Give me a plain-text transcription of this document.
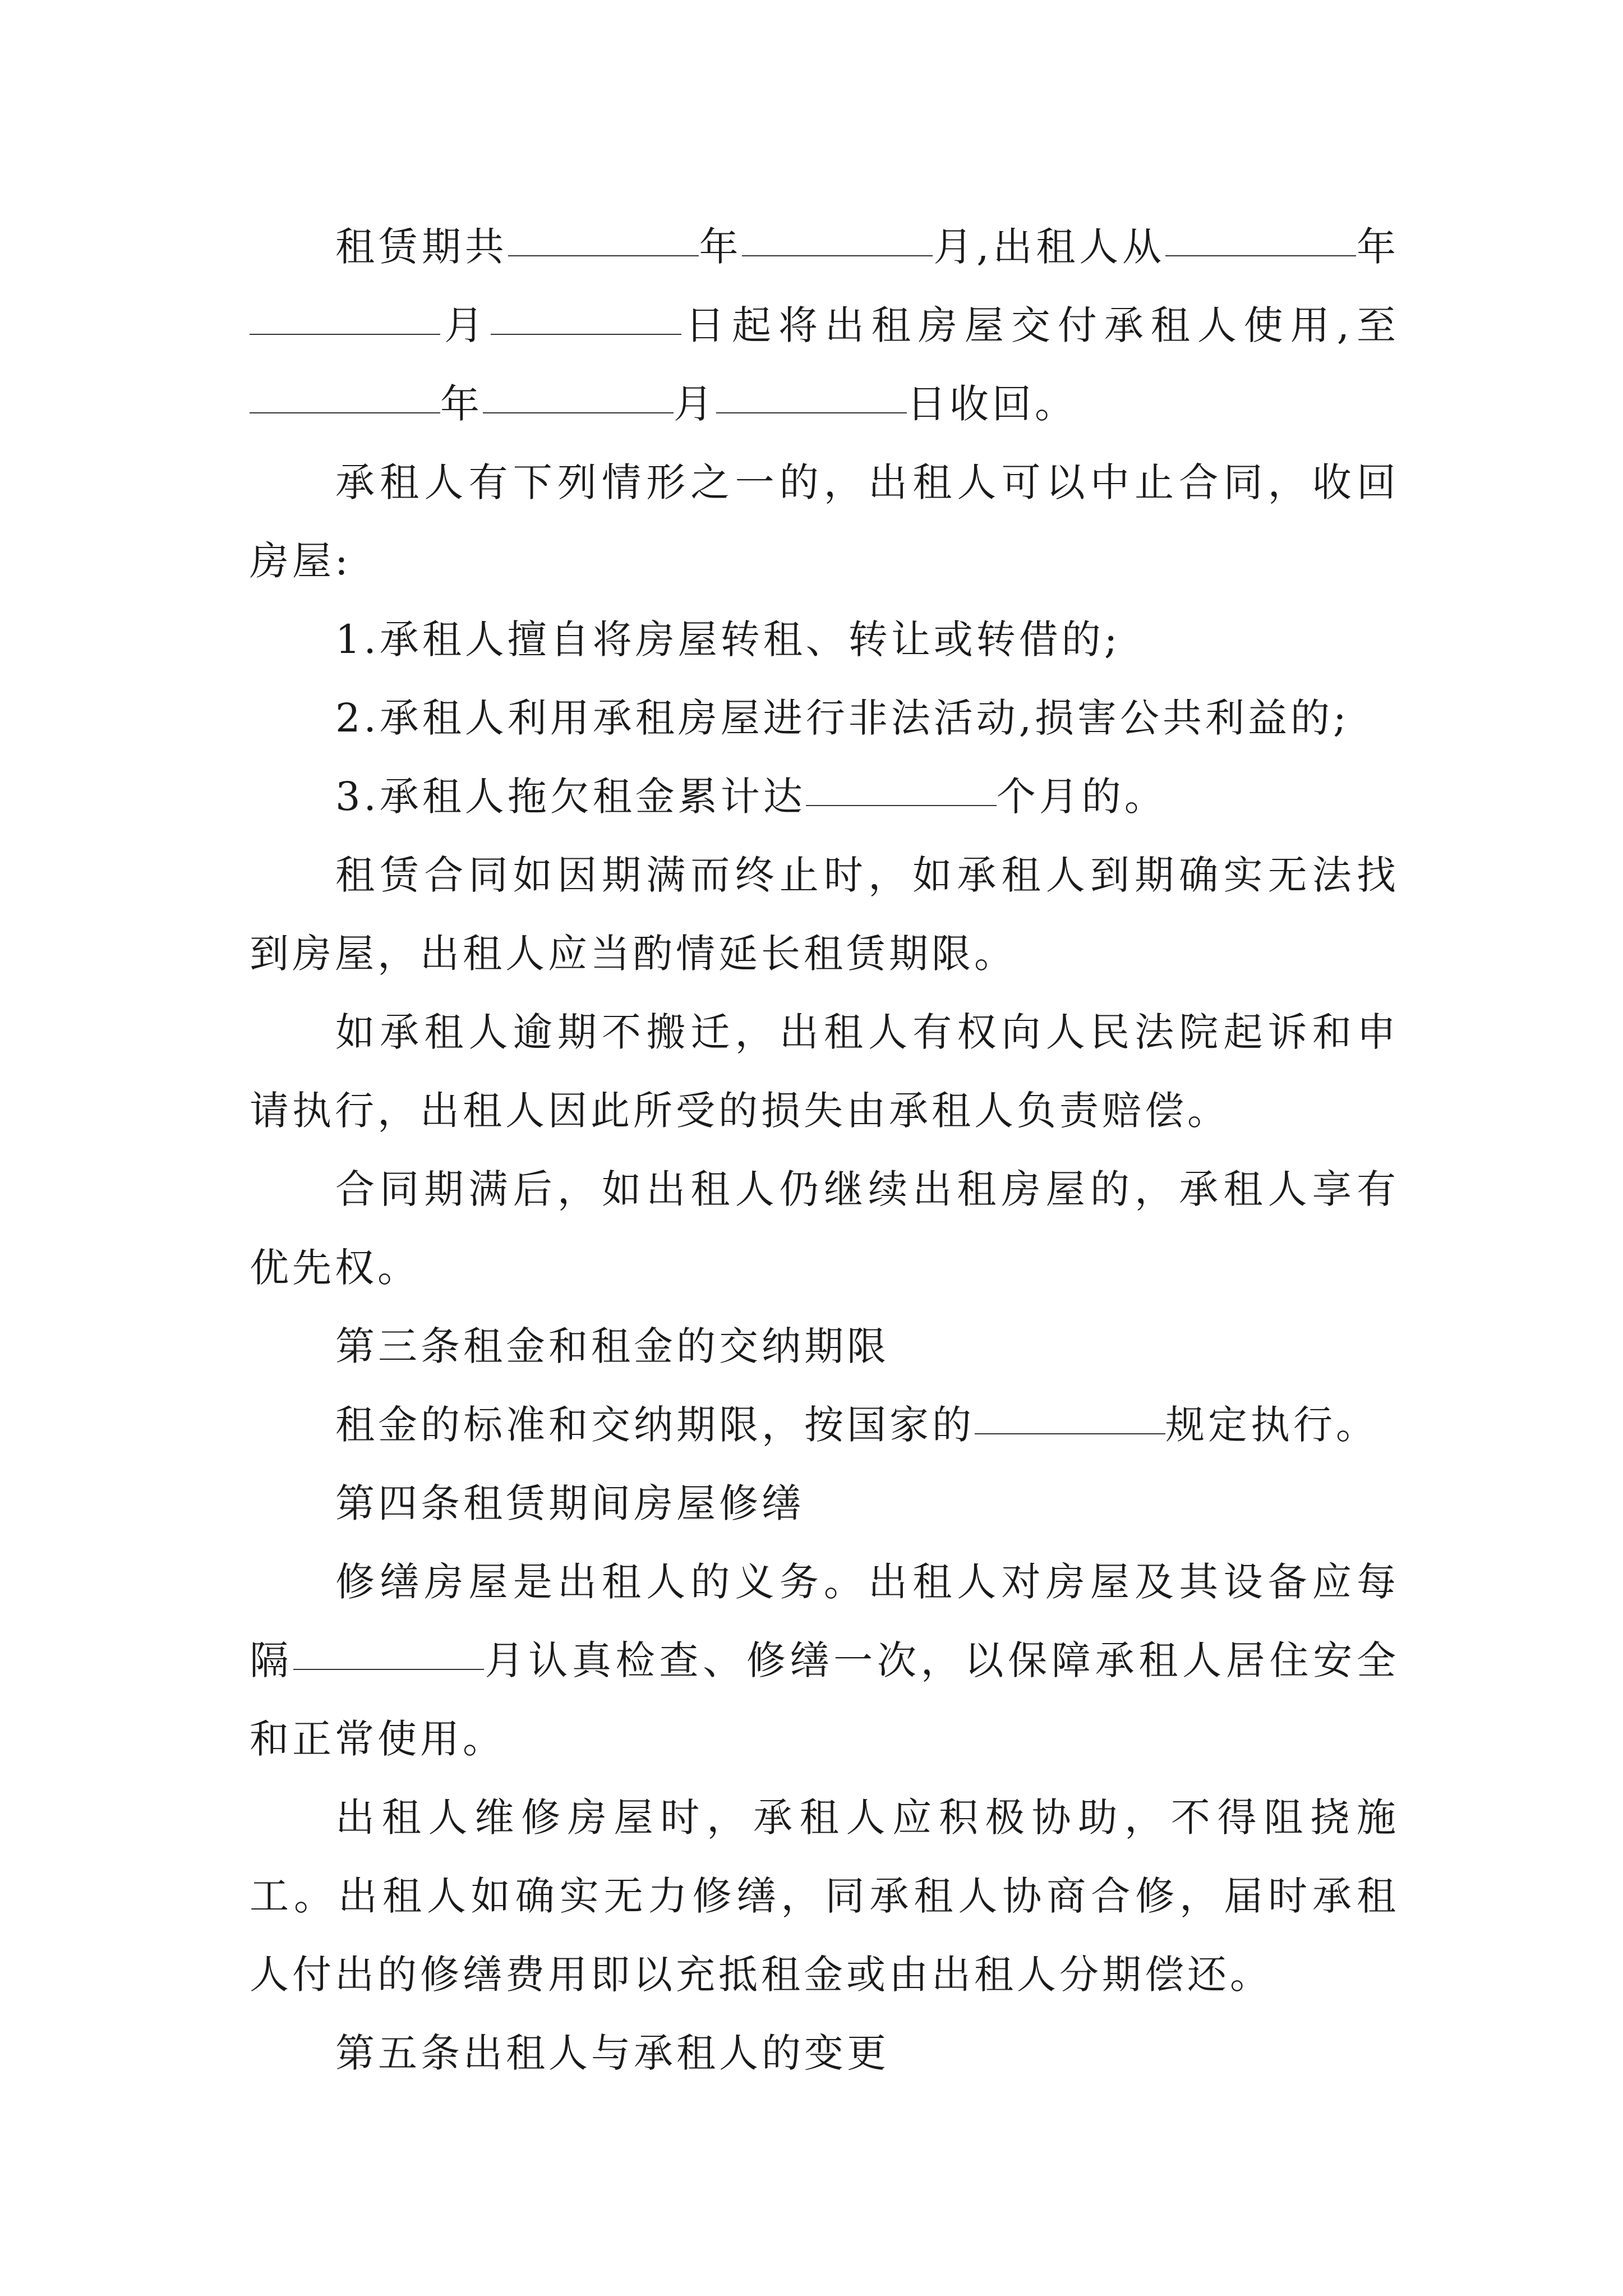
租赁期共	年	月,出租人从	年月	日起将出租房屋交付承租人使用,至年	月	日收回。

承租人有下列情形之一的，出租人可以中止合同，收回房屋:

1.承租人擅自将房屋转租、转让或转借的;

2.承租人利用承租房屋进行非法活动,损害公共利益的;

3.承租人拖欠租金累计达	个月的。

租赁合同如因期满而终止时，如承租人到期确实无法找到房屋，出租人应当酌情延长租赁期限。

如承租人逾期不搬迁，出租人有权向人民法院起诉和申请执行，出租人因此所受的损失由承租人负责赔偿。

合同期满后，如出租人仍继续出租房屋的，承租人享有优先权。

第三条租金和租金的交纳期限

租金的标准和交纳期限，按国家的	规定执行。

第四条租赁期间房屋修缮

修缮房屋是出租人的义务。出租人对房屋及其设备应每隔	月认真检查、修缮一次，以保障承租人居住安全和正常使用。

出租人维修房屋时，承租人应积极协助，不得阻挠施工。出租人如确实无力修缮，同承租人协商合修，届时承租人付出的修缮费用即以充抵租金或由出租人分期偿还。

第五条出租人与承租人的变更
